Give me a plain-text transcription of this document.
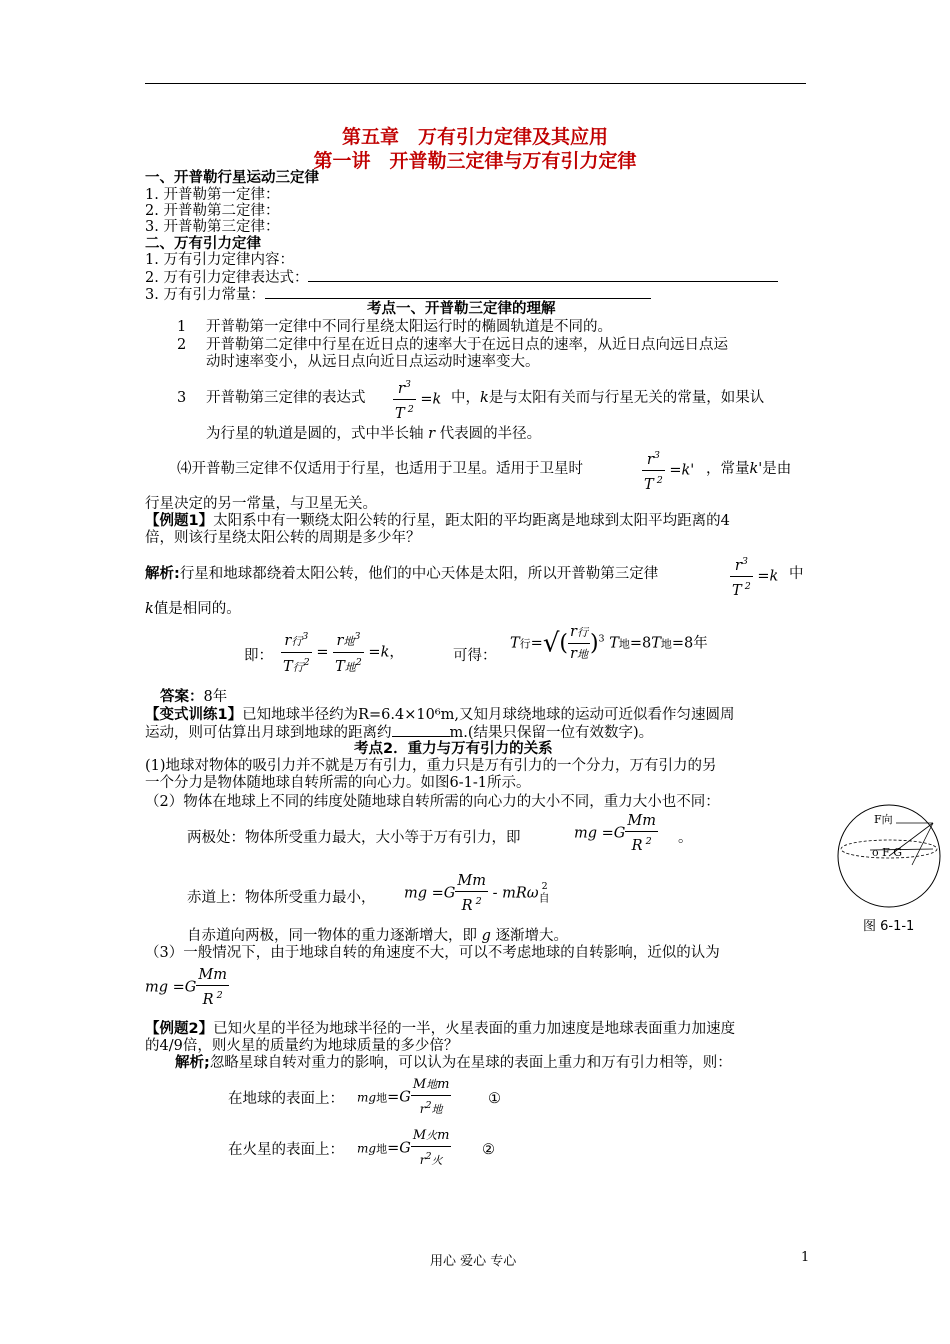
第五章　万有引力定律及其应用
第一讲　开普勒三定律与万有引力定律
一、开普勒行星运动三定律
1. 开普勒第一定律：
2. 开普勒第二定律：
3. 开普勒第三定律：
二、万有引力定律
1. 万有引力定律内容：
2. 万有引力定律表达式：
3. 万有引力常量：
考点一、开普勒三定律的理解
1 开普勒第一定律中不同行星绕太阳运行时的椭圆轨道是不同的。
2 开普勒第二定律中行星在近日点的速率大于在远日点的速率，从近日点向远日点运
动时速率变小，从远日点向近日点运动时速率变大。
3 开普勒第三定律的表达式 $\frac{r^3}{T ^2} =k$ 中，k是与太阳有关而与行星无关的常量，如果认
为行星的轨道是圆的，式中半长轴 r 代表圆的半径。
⑷开普勒三定律不仅适用于行星，也适用于卫星。适用于卫星时	$\frac{r^3}{T ^2} =k'$ ，常量k'是由
行星决定的另一常量，与卫星无关。
【例题1】太阳系中有一颗绕太阳公转的行星，距太阳的平均距离是地球到太阳平均距离的4
倍，则该行星绕太阳公转的周期是多少年？
解析:行星和地球都绕着太阳公转，他们的中心天体是太阳，所以开普勒第三定律	$\frac{r^3}{T ^2} =k$ 中
k值是相同的。
即： $\frac{r行^3}{T行^2} = \frac{r地^3}{T地^2} =k$，	可得：
T行=√( $\frac{\text{r行}}{\text{r地}} )^3$ T地=8T地=8年
答案：8年
【变式训练1】已知地球半径约为R=6.4×10⁶m,又知月球绕地球的运动可近似看作匀速圆周
运动，则可估算出月球到地球的距离约	m.(结果只保留一位有效数字)。
考点2．重力与万有引力的关系
(1)地球对物体的吸引力并不就是万有引力，重力只是万有引力的一个分力，万有引力的另
一个分力是物体随地球自转所需的向心力。如图6-1-1所示。
（2）物体在地球上不同的纬度处随地球自转所需的向心力的大小不同，重力大小也不同：
两极处：物体所受重力最大，大小等于万有引力，即	mg $=G \frac{Mm}{R ^2}$ 。
赤道上：物体所受重力最小， mg $=G \frac{Mm}{R ^2} - mR\omega_自^2$
自赤道向两极，同一物体的重力逐渐增大，即 g 逐渐增大。
（3）一般情况下，由于地球自转的角速度不大，可以不考虑地球的自转影响，近似的认为
mg $=G \frac{Mm}{R ^2}$
F向
o F G
图 6-1-1
【例题2】已知火星的半径为地球半径的一半，火星表面的重力加速度是地球表面重力加速度
的4/9倍，则火星的质量约为地球质量的多少倍？
解析;忽略星球自转对重力的影响，可以认为在星球的表面上重力和万有引力相等，则：
在地球的表面上： mg地$=G \frac{\text{M地m}}{r^2地}$	①
在火星的表面上： mg地$=G \frac{\text{M火m}}{r^2火}$ ②
用心 爱心 专心	1
